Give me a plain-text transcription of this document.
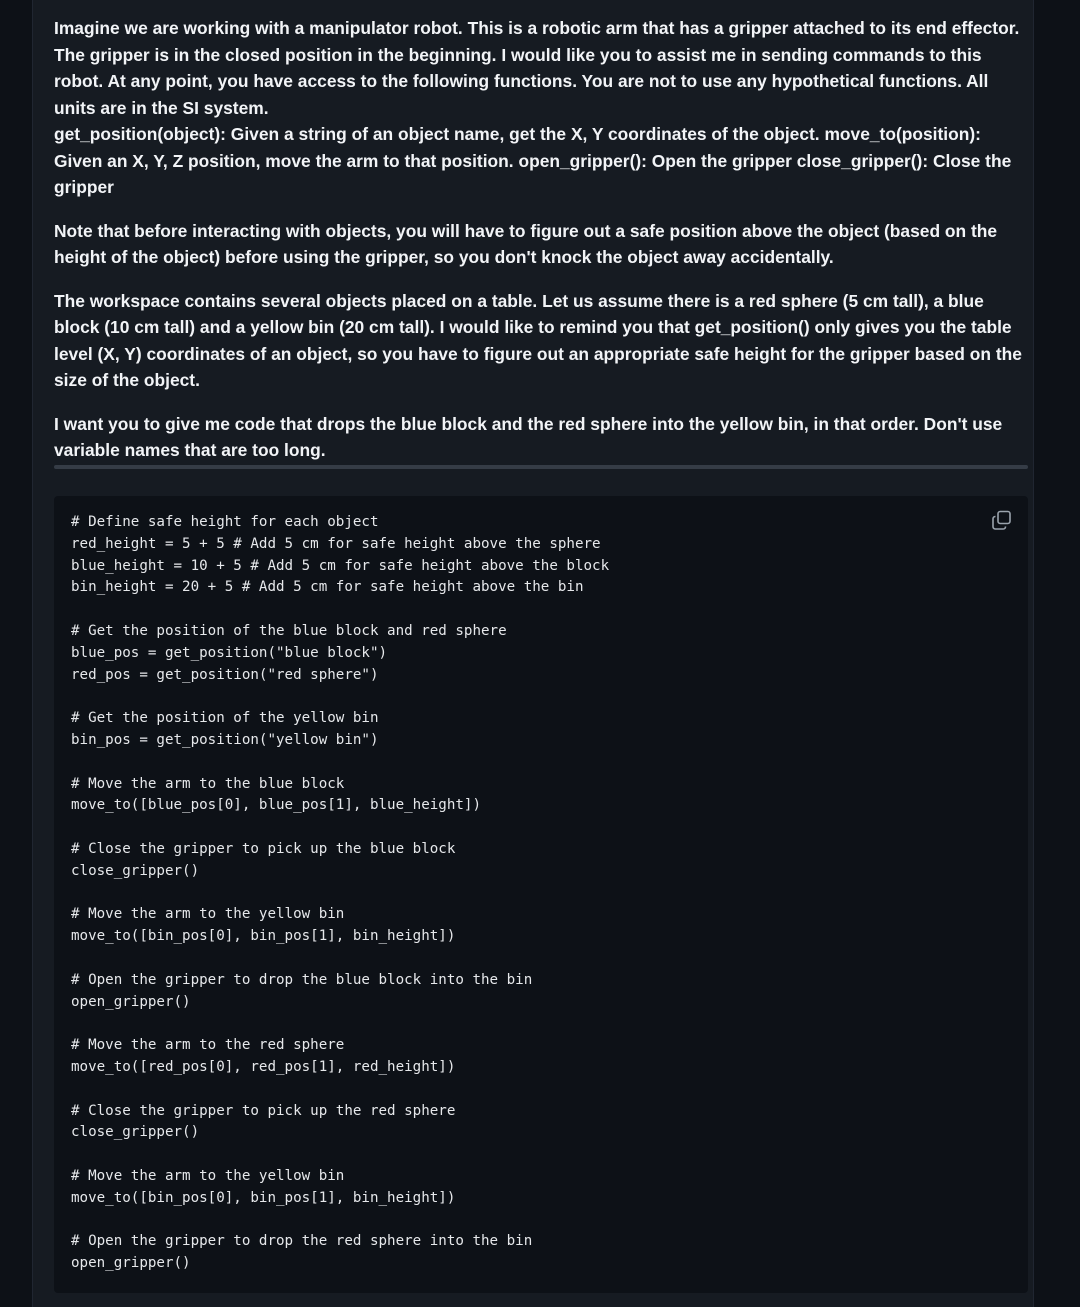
Imagine we are working with a manipulator robot. This is a robotic arm that has a gripper attached to its end effector. The gripper is in the closed position in the beginning. I would like you to assist me in sending commands to this robot. At any point, you have access to the following functions. You are not to use any hypothetical functions. All units are in the SI system.
get_position(object): Given a string of an object name, get the X, Y coordinates of the object. move_to(position): Given an X, Y, Z position, move the arm to that position. open_gripper(): Open the gripper close_gripper(): Close the gripper

Note that before interacting with objects, you will have to figure out a safe position above the object (based on the height of the object) before using the gripper, so you don't knock the object away accidentally.

The workspace contains several objects placed on a table. Let us assume there is a red sphere (5 cm tall), a blue block (10 cm tall) and a yellow bin (20 cm tall). I would like to remind you that get_position() only gives you the table level (X, Y) coordinates of an object, so you have to figure out an appropriate safe height for the gripper based on the size of the object.

I want you to give me code that drops the blue block and the red sphere into the yellow bin, in that order. Don't use variable names that are too long.

# Define safe height for each object
red_height = 5 + 5 # Add 5 cm for safe height above the sphere
blue_height = 10 + 5 # Add 5 cm for safe height above the block
bin_height = 20 + 5 # Add 5 cm for safe height above the bin

# Get the position of the blue block and red sphere
blue_pos = get_position("blue block")
red_pos = get_position("red sphere")

# Get the position of the yellow bin
bin_pos = get_position("yellow bin")

# Move the arm to the blue block
move_to([blue_pos[0], blue_pos[1], blue_height])

# Close the gripper to pick up the blue block
close_gripper()

# Move the arm to the yellow bin
move_to([bin_pos[0], bin_pos[1], bin_height])

# Open the gripper to drop the blue block into the bin
open_gripper()

# Move the arm to the red sphere
move_to([red_pos[0], red_pos[1], red_height])

# Close the gripper to pick up the red sphere
close_gripper()

# Move the arm to the yellow bin
move_to([bin_pos[0], bin_pos[1], bin_height])

# Open the gripper to drop the red sphere into the bin
open_gripper()
